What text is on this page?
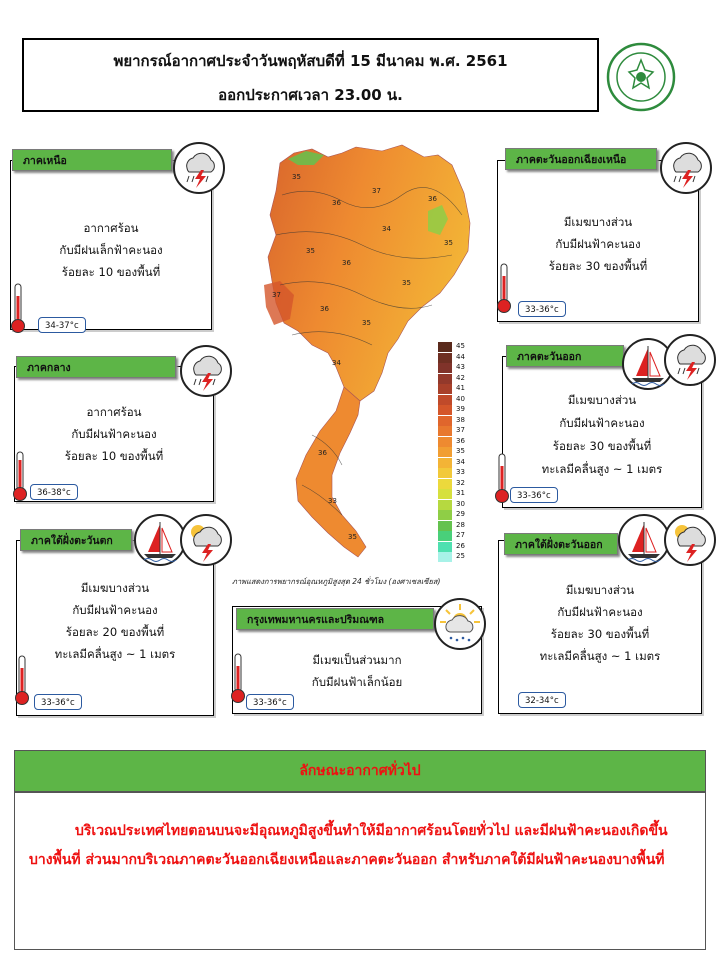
พยากรณ์อากาศประจำวันพฤหัสบดีที่ 15 มีนาคม พ.ศ. 2561
ออกประกาศเวลา 23.00 น.
อากาศร้อน
กับมีฝนเล็กฟ้าคะนอง
ร้อยละ 10 ของพื้นที่
ภาคเหนือ
34-37°c
มีเมฆบางส่วน
กับมีฝนฟ้าคะนอง
ร้อยละ 30 ของพื้นที่
ภาคตะวันออกเฉียงเหนือ
33-36°c
อากาศร้อน
กับมีฝนฟ้าคะนอง
ร้อยละ 10 ของพื้นที่
ภาคกลาง
36-38°c
มีเมฆบางส่วน
กับมีฝนฟ้าคะนอง
ร้อยละ 30 ของพื้นที่
ทะเลมีคลื่นสูง ~ 1 เมตร
ภาคตะวันออก
33-36°c
มีเมฆบางส่วน
กับมีฝนฟ้าคะนอง
ร้อยละ 20 ของพื้นที่
ทะเลมีคลื่นสูง ~ 1 เมตร
ภาคใต้ฝั่งตะวันตก
33-36°c
มีเมฆบางส่วน
กับมีฝนฟ้าคะนอง
ร้อยละ 30 ของพื้นที่
ทะเลมีคลื่นสูง ~ 1 เมตร
ภาคใต้ฝั่งตะวันออก
32-34°c
มีเมฆเป็นส่วนมาก
กับมีฝนฟ้าเล็กน้อย
กรุงเทพมหานครและปริมณฑล
33-36°c
35
36
37
36
35
36
34
35
37
36
35
35
34
36
33
35
45
44
43
42
41
40
39
38
37
36
35
34
33
32
31
30
29
28
27
26
25
ภาพแสดงการพยากรณ์อุณหภูมิสูงสุด 24 ชั่วโมง (องศาเซลเซียส)
ลักษณะอากาศทั่วไป

บริเวณประเทศไทยตอนบนจะมีอุณหภูมิสูงขึ้นทำให้มีอากาศร้อนโดยทั่วไป และมีฝนฟ้าคะนองเกิดขึ้นบางพื้นที่ ส่วนมากบริเวณภาคตะวันออกเฉียงเหนือและภาคตะวันออก สำหรับภาคใต้มีฝนฟ้าคะนองบางพื้นที่
